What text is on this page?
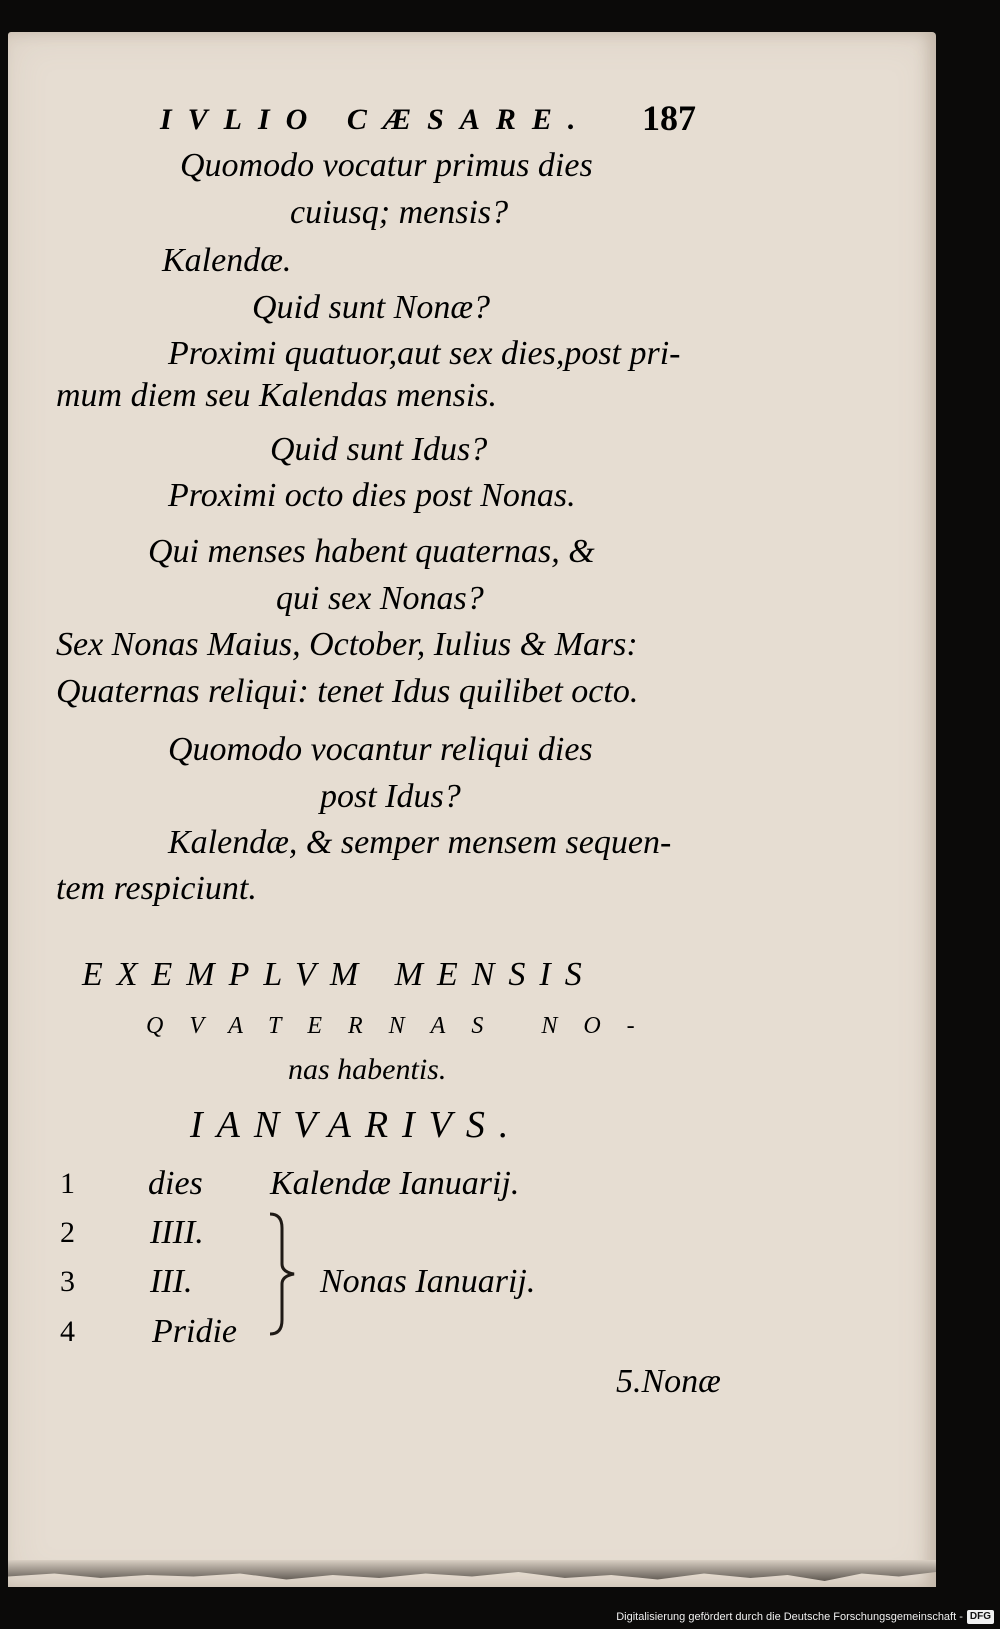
IVLIO CÆSARE. 187
Quomodo vocatur primus dies
cuiusq; mensis?
Kalendæ.
Quid sunt Nonæ?
Proximi quatuor,aut sex dies,post pri-
mum diem seu Kalendas mensis.
Quid sunt Idus?
Proximi octo dies post Nonas.
Qui menses habent quaternas, &
qui sex Nonas?
Sex Nonas Maius, October, Iulius & Mars:
Quaternas reliqui: tenet Idus quilibet octo.
Quomodo vocantur reliqui dies
post Idus?
Kalendæ, & semper mensem sequen-
tem respiciunt.
EXEMPLVM MENSIS
QVATERNAS NO-
nas habentis.
IANVARIVS.
1 dies Kalendæ Ianuarij.
2 IIII.
3 III.
4 Pridie
Nonas Ianuarij.
5.Nonæ
Digitalisierung gefördert durch die Deutsche Forschungsgemeinschaft - DFG
